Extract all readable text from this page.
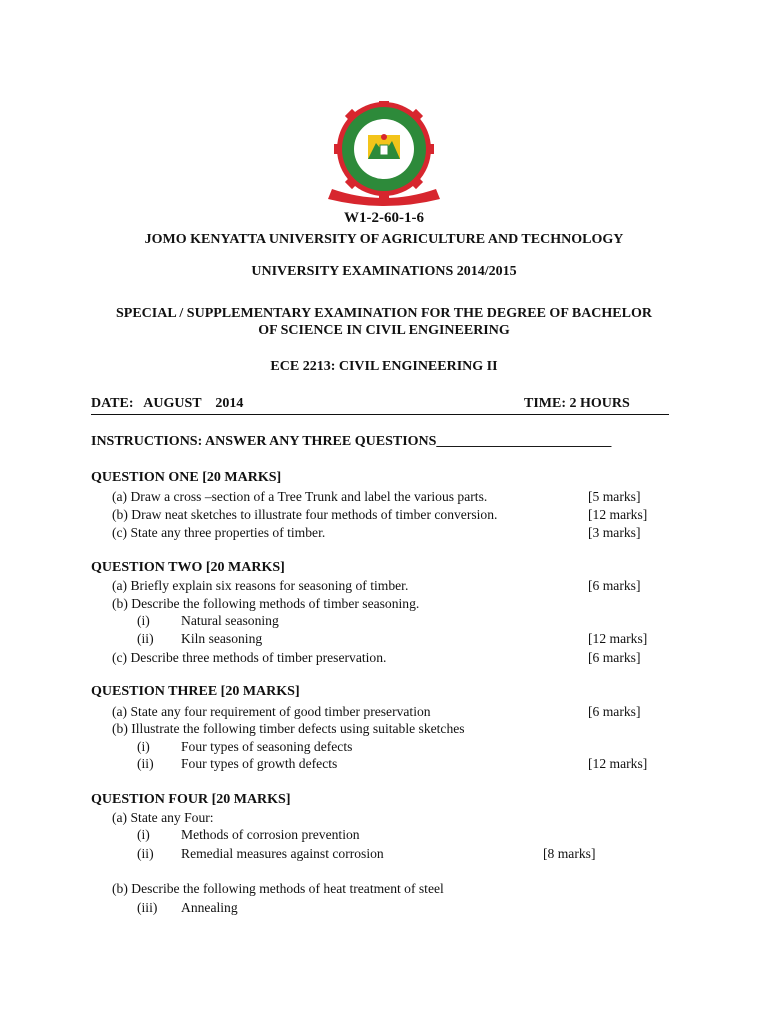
W1-2-60-1-6
JOMO KENYATTA UNIVERSITY OF AGRICULTURE AND TECHNOLOGY
UNIVERSITY EXAMINATIONS 2014/2015
SPECIAL / SUPPLEMENTARY EXAMINATION FOR THE DEGREE OF BACHELOR
OF SCIENCE IN CIVIL ENGINEERING
ECE 2213: CIVIL ENGINEERING II
DATE:   AUGUST    2014	TIME: 2 HOURS
INSTRUCTIONS: ANSWER ANY THREE QUESTIONS_________________________
QUESTION ONE [20 MARKS]
(a) Draw a cross –section of a Tree Trunk and label the various parts.	[5 marks]
(b) Draw neat sketches to illustrate four methods of timber conversion.	[12 marks]
(c) State any three properties of timber.	[3 marks]
QUESTION TWO [20 MARKS]
(a) Briefly explain six reasons for seasoning of timber.	[6 marks]
(b) Describe the following methods of timber seasoning.
(i) Natural seasoning
(ii) Kiln seasoning	[12 marks]
(c) Describe three methods of timber preservation.	[6 marks]
QUESTION THREE [20 MARKS]
(a) State any four requirement of good timber preservation	[6 marks]
(b) Illustrate the following timber defects using suitable sketches
(i) Four types of seasoning defects
(ii) Four types of growth defects	[12 marks]
QUESTION FOUR [20 MARKS]
(a) State any Four:
(i) Methods of corrosion prevention
(ii) Remedial measures against corrosion	[8 marks]
(b) Describe the following methods of heat treatment of steel
(iii) Annealing
